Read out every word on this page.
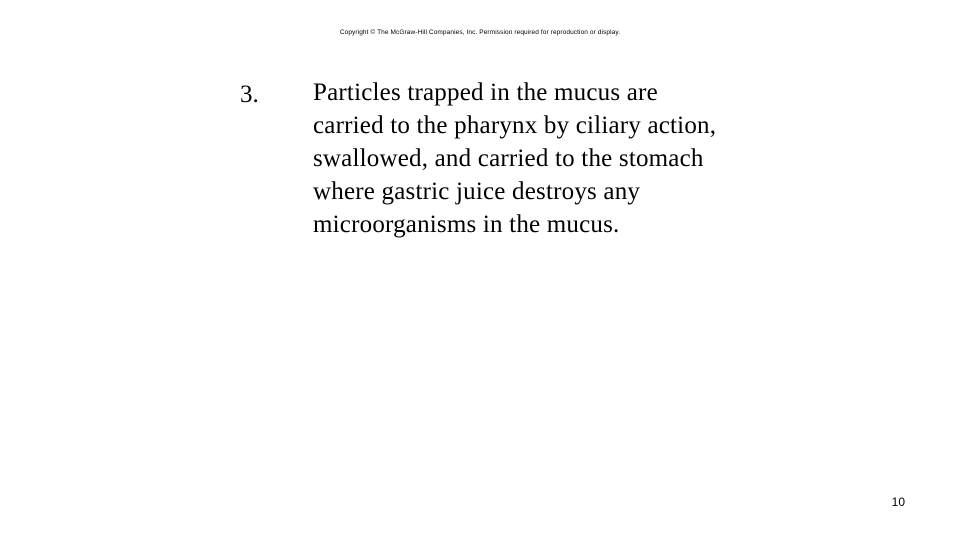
Copyright © The McGraw-Hill Companies, Inc. Permission required for reproduction or display.
3. Particles trapped in the mucus are
carried to the pharynx by ciliary action,
swallowed, and carried to the stomach
where gastric juice destroys any
microorganisms in the mucus.
10
